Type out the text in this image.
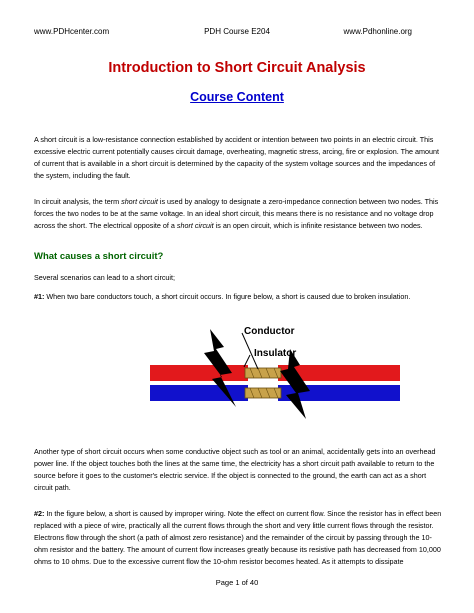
PDH Course E204
www.PDHcenter.com	www.Pdhonline.org
Introduction to Short Circuit Analysis
Course Content

A short circuit is a low-resistance connection established by accident or intention between two points in an electric circuit. This excessive electric current potentially causes circuit damage, overheating, magnetic stress, arcing, fire or explosion. The amount of current that is available in a short circuit is determined by the capacity of the system voltage sources and the impedances of the system, including the fault.

In circuit analysis, the term short circuit is used by analogy to designate a zero-impedance connection between two nodes. This forces the two nodes to be at the same voltage. In an ideal short circuit, this means there is no resistance and no voltage drop across the short. The electrical opposite of a short circuit is an open circuit, which is infinite resistance between two nodes.

What causes a short circuit?

Several scenarios can lead to a short circuit;

#1: When two bare conductors touch, a short circuit occurs. In figure below, a short is caused due to broken insulation.

Conductor
Insulator

Another type of short circuit occurs when some conductive object such as tool or an animal, accidentally gets into an overhead power line. If the object touches both the lines at the same time, the electricity has a short circuit path available to return to the source before it goes to the customer's electric service. If the object is connected to the ground, the earth can act as a short circuit path.

#2: In the figure below, a short is caused by improper wiring. Note the effect on current flow. Since the resistor has in effect been replaced with a piece of wire, practically all the current flows through the short and very little current flows through the resistor. Electrons flow through the short (a path of almost zero resistance) and the remainder of the circuit by passing through the 10-ohm resistor and the battery. The amount of current flow increases greatly because its resistive path has decreased from 10,000 ohms to 10 ohms. Due to the excessive current flow the 10-ohm resistor becomes heated. As it attempts to dissipate

Page 1 of 40
